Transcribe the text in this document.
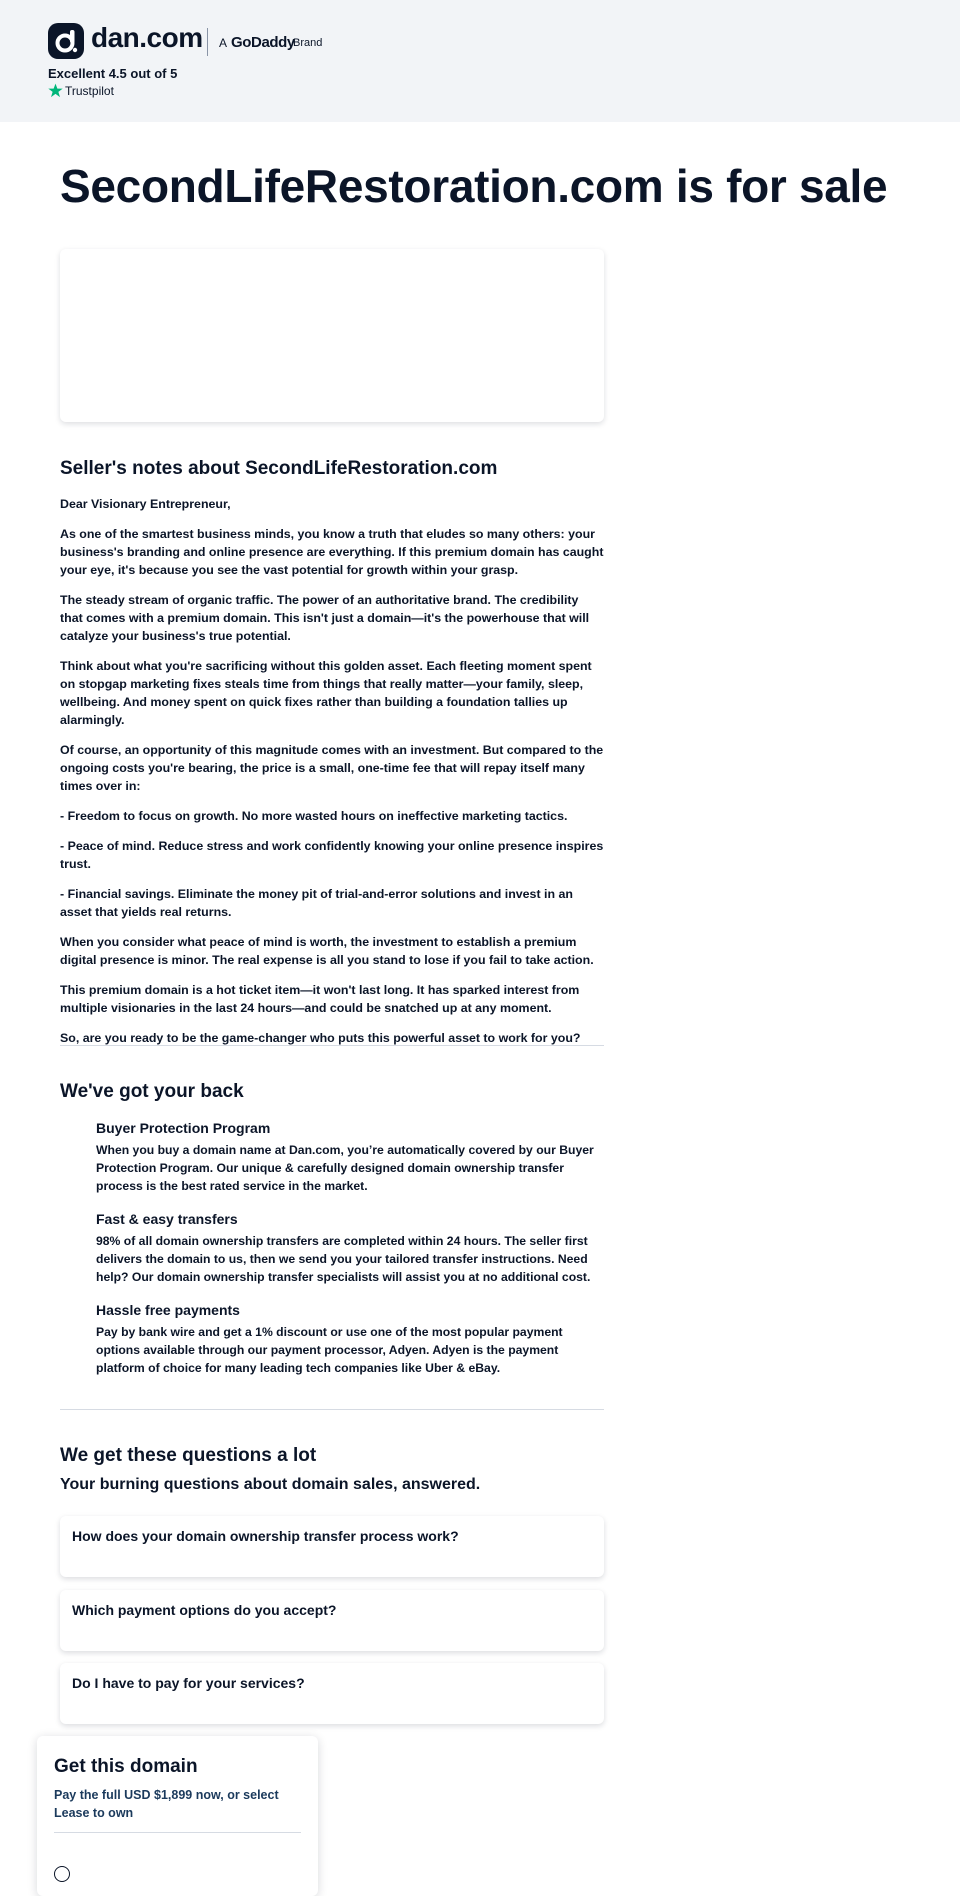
dan.com A GoDaddy
Brand
Excellent 4.5 out of 5
Trustpilot
SecondLifeRestoration.com is for sale
Seller's notes about SecondLifeRestoration.com

Dear Visionary Entrepreneur,

As one of the smartest business minds, you know a truth that eludes so many others: your business's branding and online presence are everything. If this premium domain has caught your eye, it's because you see the vast potential for growth within your grasp.

The steady stream of organic traffic. The power of an authoritative brand. The credibility that comes with a premium domain. This isn't just a domain—it's the powerhouse that will catalyze your business's true potential.

Think about what you're sacrificing without this golden asset. Each fleeting moment spent on stopgap marketing fixes steals time from things that really matter—your family, sleep, wellbeing. And money spent on quick fixes rather than building a foundation tallies up alarmingly.

Of course, an opportunity of this magnitude comes with an investment. But compared to the ongoing costs you're bearing, the price is a small, one-time fee that will repay itself many times over in:

- Freedom to focus on growth. No more wasted hours on ineffective marketing tactics.

- Peace of mind. Reduce stress and work confidently knowing your online presence inspires trust.

- Financial savings. Eliminate the money pit of trial-and-error solutions and invest in an asset that yields real returns.

When you consider what peace of mind is worth, the investment to establish a premium digital presence is minor. The real expense is all you stand to lose if you fail to take action.

This premium domain is a hot ticket item—it won't last long. It has sparked interest from multiple visionaries in the last 24 hours—and could be snatched up at any moment.

So, are you ready to be the game-changer who puts this powerful asset to work for you?

We've got your back
Buyer Protection Program

When you buy a domain name at Dan.com, you’re automatically covered by our Buyer Protection Program. Our unique & carefully designed domain ownership transfer process is the best rated service in the market.

Fast & easy transfers

98% of all domain ownership transfers are completed within 24 hours. The seller first delivers the domain to us, then we send you your tailored transfer instructions. Need help? Our domain ownership transfer specialists will assist you at no additional cost.

Hassle free payments

Pay by bank wire and get a 1% discount or use one of the most popular payment options available through our payment processor, Adyen. Adyen is the payment platform of choice for many leading tech companies like Uber & eBay.

We get these questions a lot
Your burning questions about domain sales, answered.
How does your domain ownership transfer process work?
Which payment options do you accept?
Do I have to pay for your services?
Get this domain
Pay the full USD $1,899 now, or select Lease to own
